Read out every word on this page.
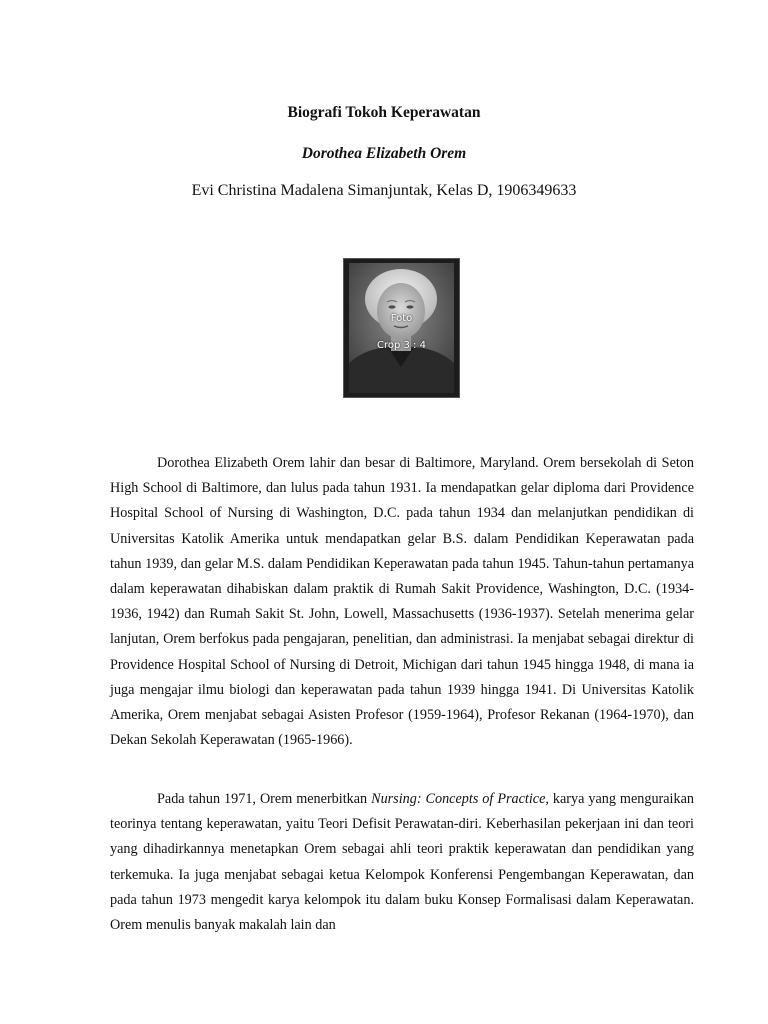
Biografi Tokoh Keperawatan
Dorothea Elizabeth Orem
Evi Christina Madalena Simanjuntak, Kelas D, 1906349633
Foto
Crop 3 : 4

Dorothea Elizabeth Orem lahir dan besar di Baltimore, Maryland. Orem bersekolah di Seton High School di Baltimore, dan lulus pada tahun 1931. Ia mendapatkan gelar diploma dari Providence Hospital School of Nursing di Washington, D.C. pada tahun 1934 dan melanjutkan pendidikan di Universitas Katolik Amerika untuk mendapatkan gelar B.S. dalam Pendidikan Keperawatan pada tahun 1939, dan gelar M.S. dalam Pendidikan Keperawatan pada tahun 1945. Tahun-tahun pertamanya dalam keperawatan dihabiskan dalam praktik di Rumah Sakit Providence, Washington, D.C. (1934-1936, 1942) dan Rumah Sakit St. John, Lowell, Massachusetts (1936-1937). Setelah menerima gelar lanjutan, Orem berfokus pada pengajaran, penelitian, dan administrasi. Ia menjabat sebagai direktur di Providence Hospital School of Nursing di Detroit, Michigan dari tahun 1945 hingga 1948, di mana ia juga mengajar ilmu biologi dan keperawatan pada tahun 1939 hingga 1941. Di Universitas Katolik Amerika, Orem menjabat sebagai Asisten Profesor (1959-1964), Profesor Rekanan (1964-1970), dan Dekan Sekolah Keperawatan (1965-1966).

Pada tahun 1971, Orem menerbitkan Nursing: Concepts of Practice, karya yang menguraikan teorinya tentang keperawatan, yaitu Teori Defisit Perawatan-diri. Keberhasilan pekerjaan ini dan teori yang dihadirkannya menetapkan Orem sebagai ahli teori praktik keperawatan dan pendidikan yang terkemuka. Ia juga menjabat sebagai ketua Kelompok Konferensi Pengembangan Keperawatan, dan pada tahun 1973 mengedit karya kelompok itu dalam buku Konsep Formalisasi dalam Keperawatan. Orem menulis banyak makalah lain dan
